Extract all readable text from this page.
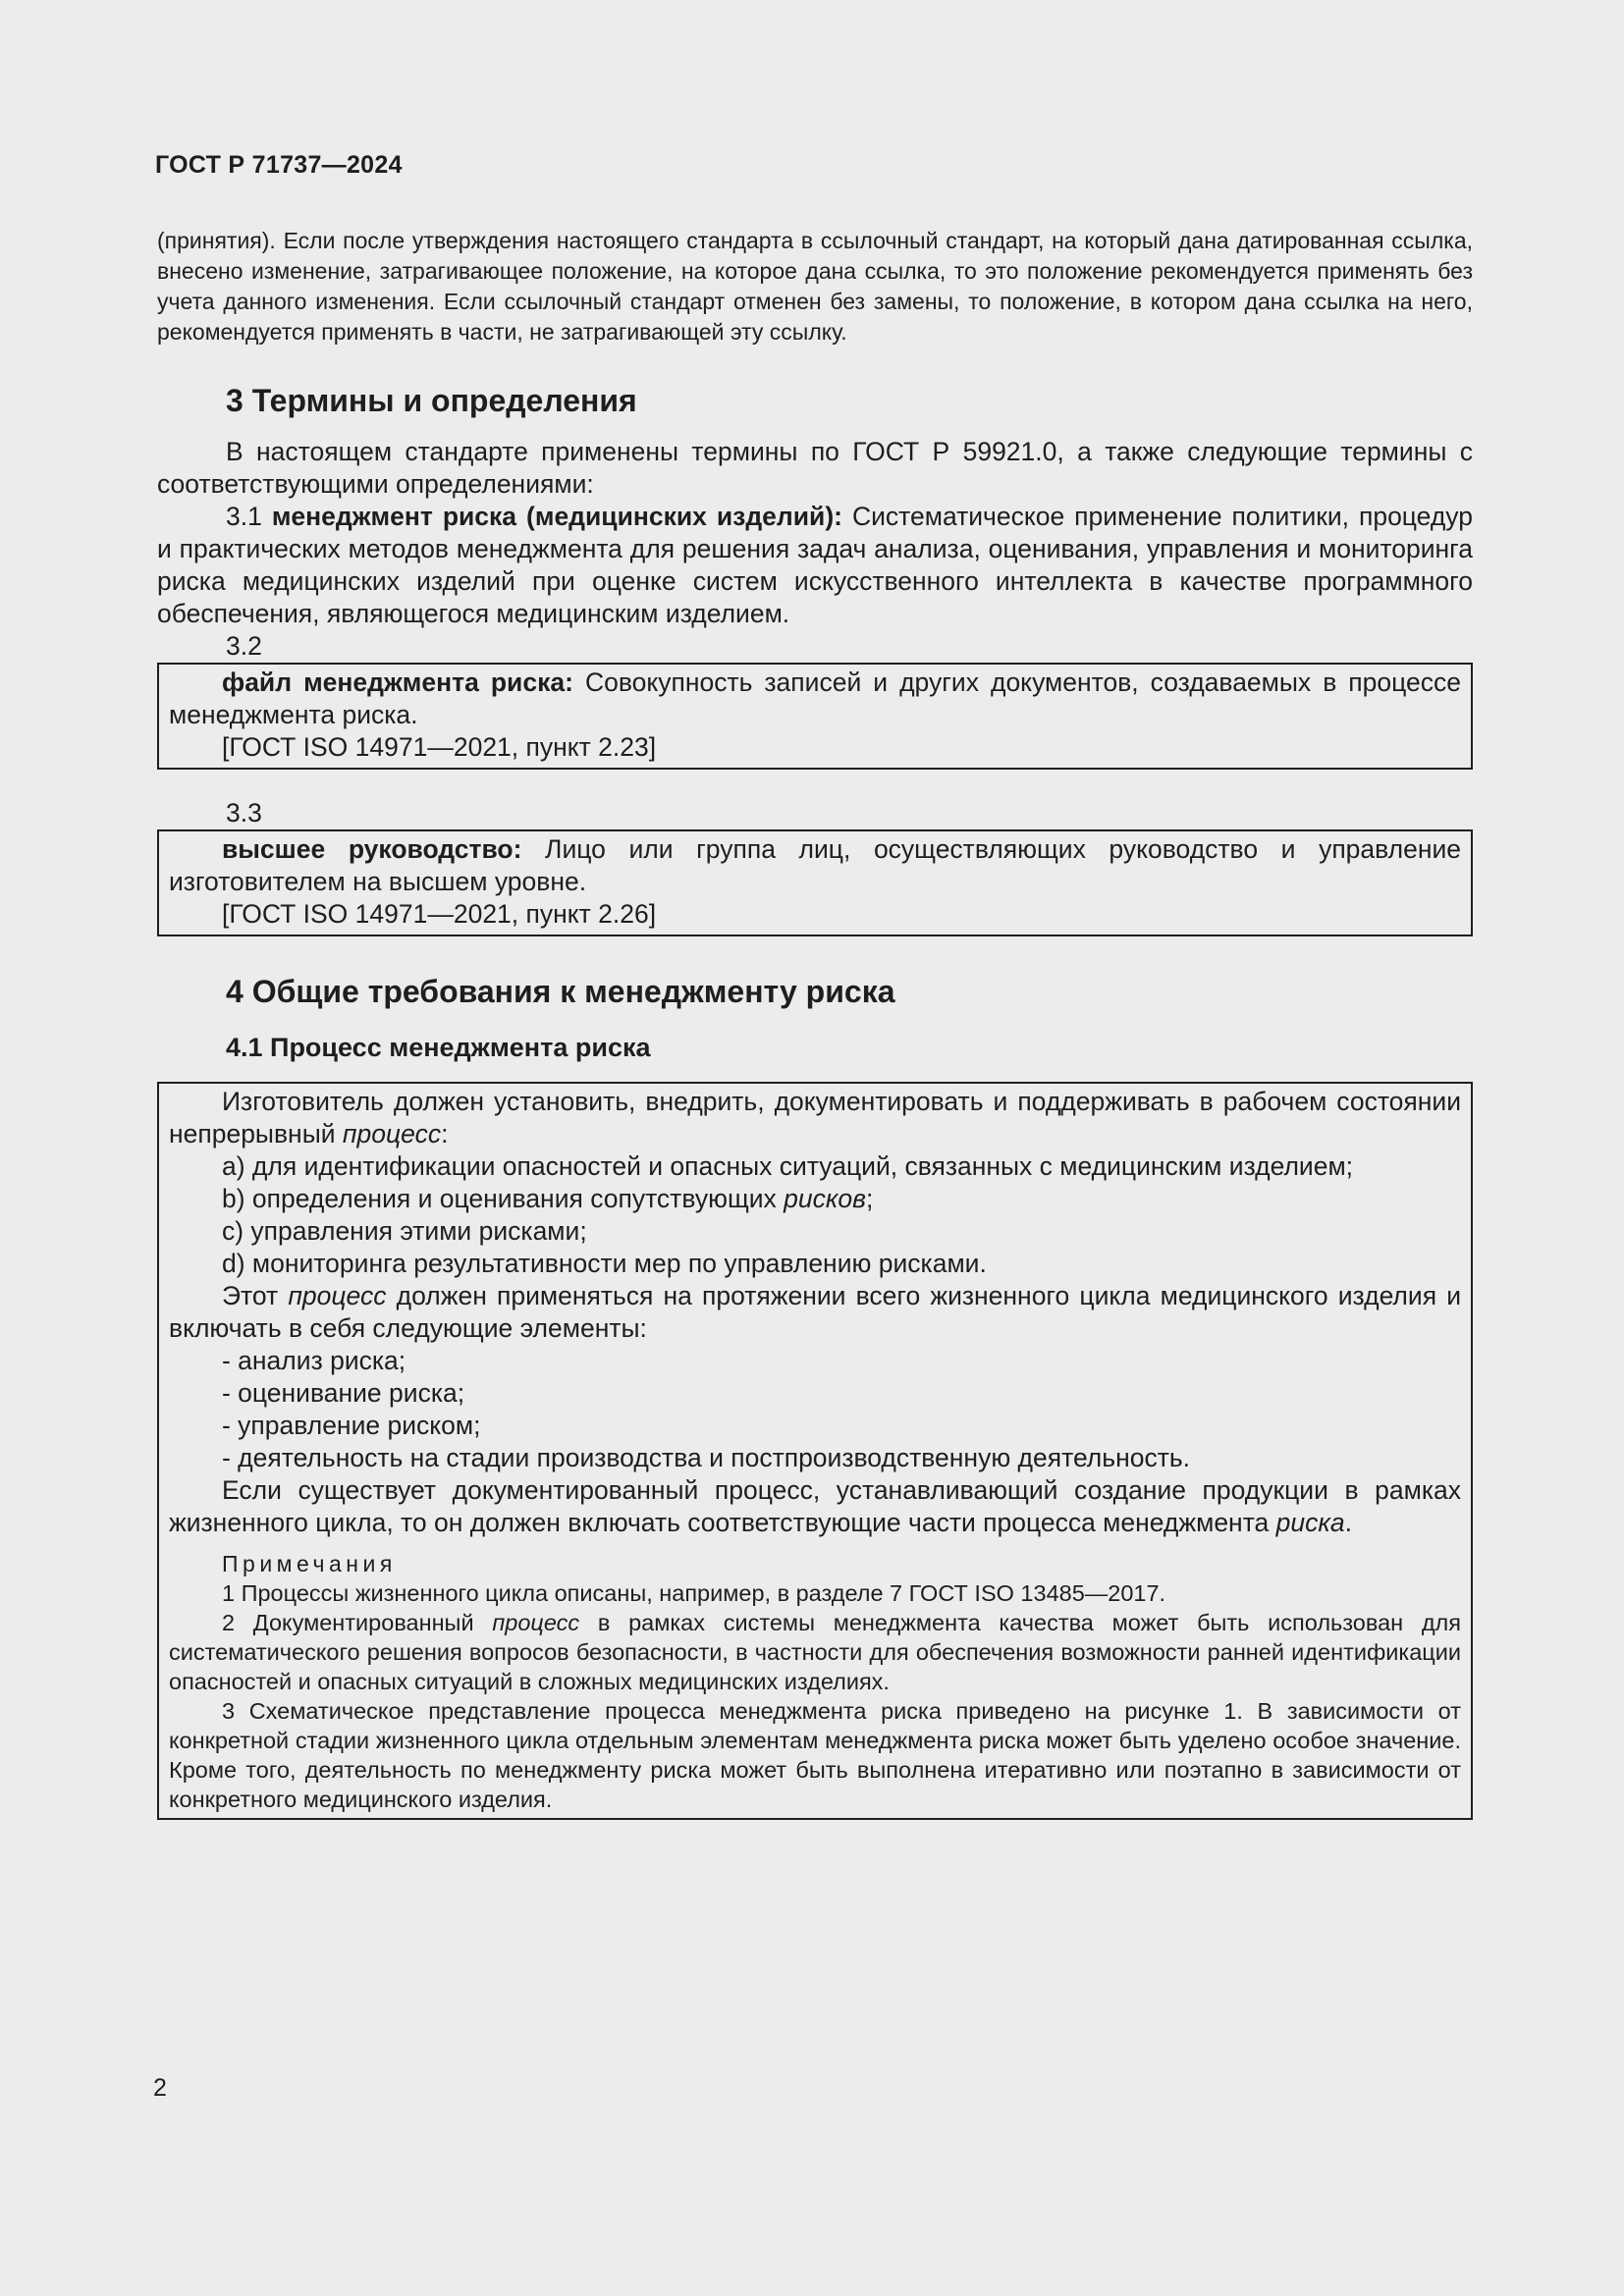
ГОСТ Р 71737—2024

(принятия). Если после утверждения настоящего стандарта в ссылочный стандарт, на который дана датированная ссылка, внесено изменение, затрагивающее положение, на которое дана ссылка, то это положение рекомендуется применять без учета данного изменения. Если ссылочный стандарт отменен без замены, то положение, в котором дана ссылка на него, рекомендуется применять в части, не затрагивающей эту ссылку.

3 Термины и определения

В настоящем стандарте применены термины по ГОСТ Р 59921.0, а также следующие термины с соответствующими определениями:

3.1 менеджмент риска (медицинских изделий): Систематическое применение политики, процедур и практических методов менеджмента для решения задач анализа, оценивания, управления и мониторинга риска медицинских изделий при оценке систем искусственного интеллекта в качестве программного обеспечения, являющегося медицинским изделием.

3.2

файл менеджмента риска: Совокупность записей и других документов, создаваемых в процессе менеджмента риска.

[ГОСТ ISO 14971—2021, пункт 2.23]

3.3

высшее руководство: Лицо или группа лиц, осуществляющих руководство и управление изготовителем на высшем уровне.

[ГОСТ ISO 14971—2021, пункт 2.26]

4 Общие требования к менеджменту риска
4.1 Процесс менеджмента риска

Изготовитель должен установить, внедрить, документировать и поддерживать в рабочем состоянии непрерывный процесс:

a) для идентификации опасностей и опасных ситуаций, связанных с медицинским изделием;

b) определения и оценивания сопутствующих рисков;

c) управления этими рисками;

d) мониторинга результативности мер по управлению рисками.

Этот процесс должен применяться на протяжении всего жизненного цикла медицинского изделия и включать в себя следующие элементы:

- анализ риска;

- оценивание риска;

- управление риском;

- деятельность на стадии производства и постпроизводственную деятельность.

Если существует документированный процесс, устанавливающий создание продукции в рамках жизненного цикла, то он должен включать соответствующие части процесса менеджмента риска.

Примечания

1 Процессы жизненного цикла описаны, например, в разделе 7 ГОСТ ISO 13485—2017.

2 Документированный процесс в рамках системы менеджмента качества может быть использован для систематического решения вопросов безопасности, в частности для обеспечения возможности ранней идентификации опасностей и опасных ситуаций в сложных медицинских изделиях.

3 Схематическое представление процесса менеджмента риска приведено на рисунке 1. В зависимости от конкретной стадии жизненного цикла отдельным элементам менеджмента риска может быть уделено особое значение. Кроме того, деятельность по менеджменту риска может быть выполнена итеративно или поэтапно в зависимости от конкретного медицинского изделия.

2
